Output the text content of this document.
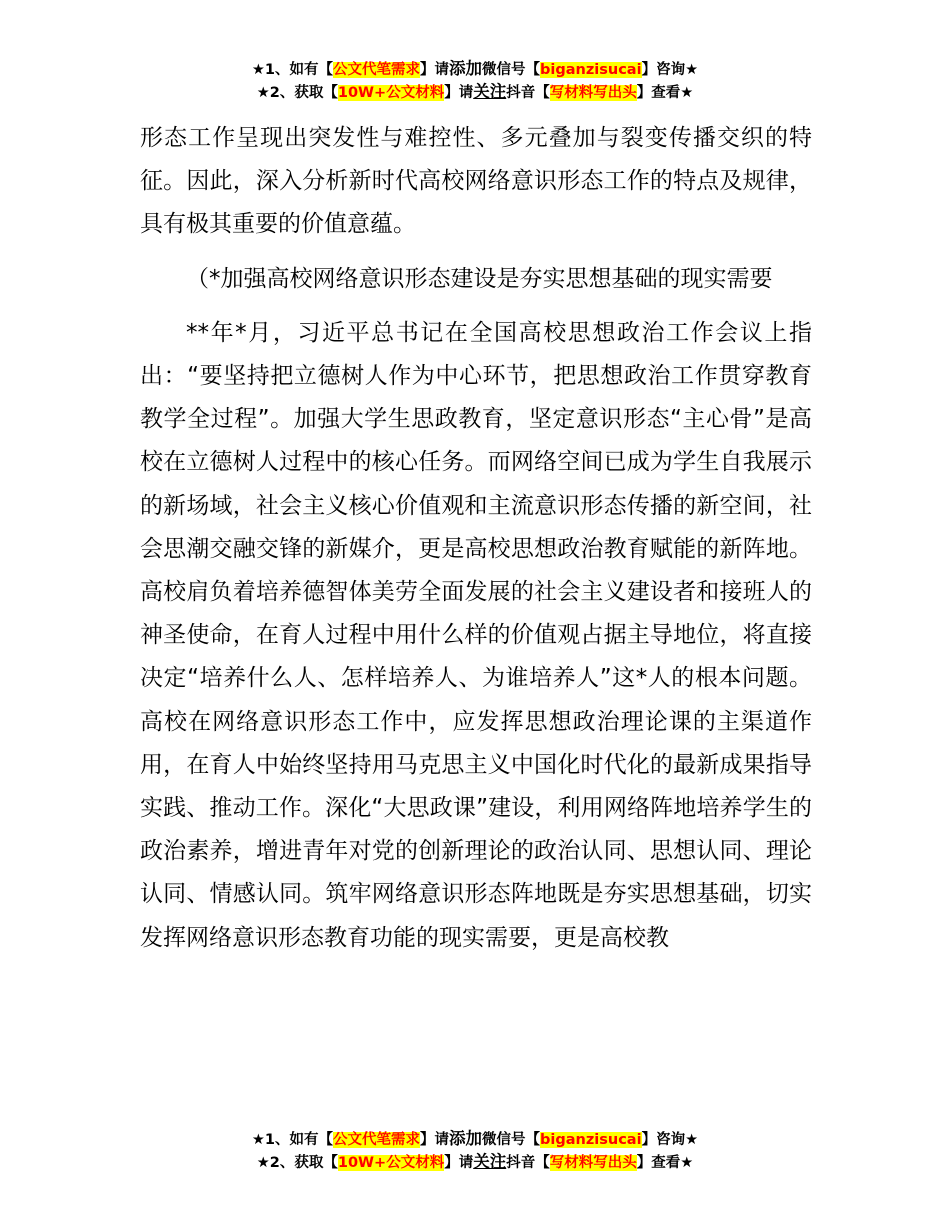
★1、如有【公文代笔需求】请添加微信号【biganzisucai】咨询★
★2、获取【10W+公文材料】请关注抖音【写材料写出头】查看★

形态工作呈现出突发性与难控性、多元叠加与裂变传播交织的特征。因此，深入分析新时代高校网络意识形态工作的特点及规律，具有极其重要的价值意蕴。

（*加强高校网络意识形态建设是夯实思想基础的现实需要

**年*月，习近平总书记在全国高校思想政治工作会议上指出：“要坚持把立德树人作为中心环节，把思想政治工作贯穿教育教学全过程”。加强大学生思政教育，坚定意识形态“主心骨”是高校在立德树人过程中的核心任务。而网络空间已成为学生自我展示的新场域，社会主义核心价值观和主流意识形态传播的新空间，社会思潮交融交锋的新媒介，更是高校思想政治教育赋能的新阵地。高校肩负着培养德智体美劳全面发展的社会主义建设者和接班人的神圣使命，在育人过程中用什么样的价值观占据主导地位，将直接决定“培养什么人、怎样培养人、为谁培养人”这*人的根本问题。高校在网络意识形态工作中，应发挥思想政治理论课的主渠道作用，在育人中始终坚持用马克思主义中国化时代化的最新成果指导实践、推动工作。深化“大思政课”建设，利用网络阵地培养学生的政治素养，增进青年对党的创新理论的政治认同、思想认同、理论认同、情感认同。筑牢网络意识形态阵地既是夯实思想基础，切实发挥网络意识形态教育功能的现实需要，更是高校教

★1、如有【公文代笔需求】请添加微信号【biganzisucai】咨询★
★2、获取【10W+公文材料】请关注抖音【写材料写出头】查看★
